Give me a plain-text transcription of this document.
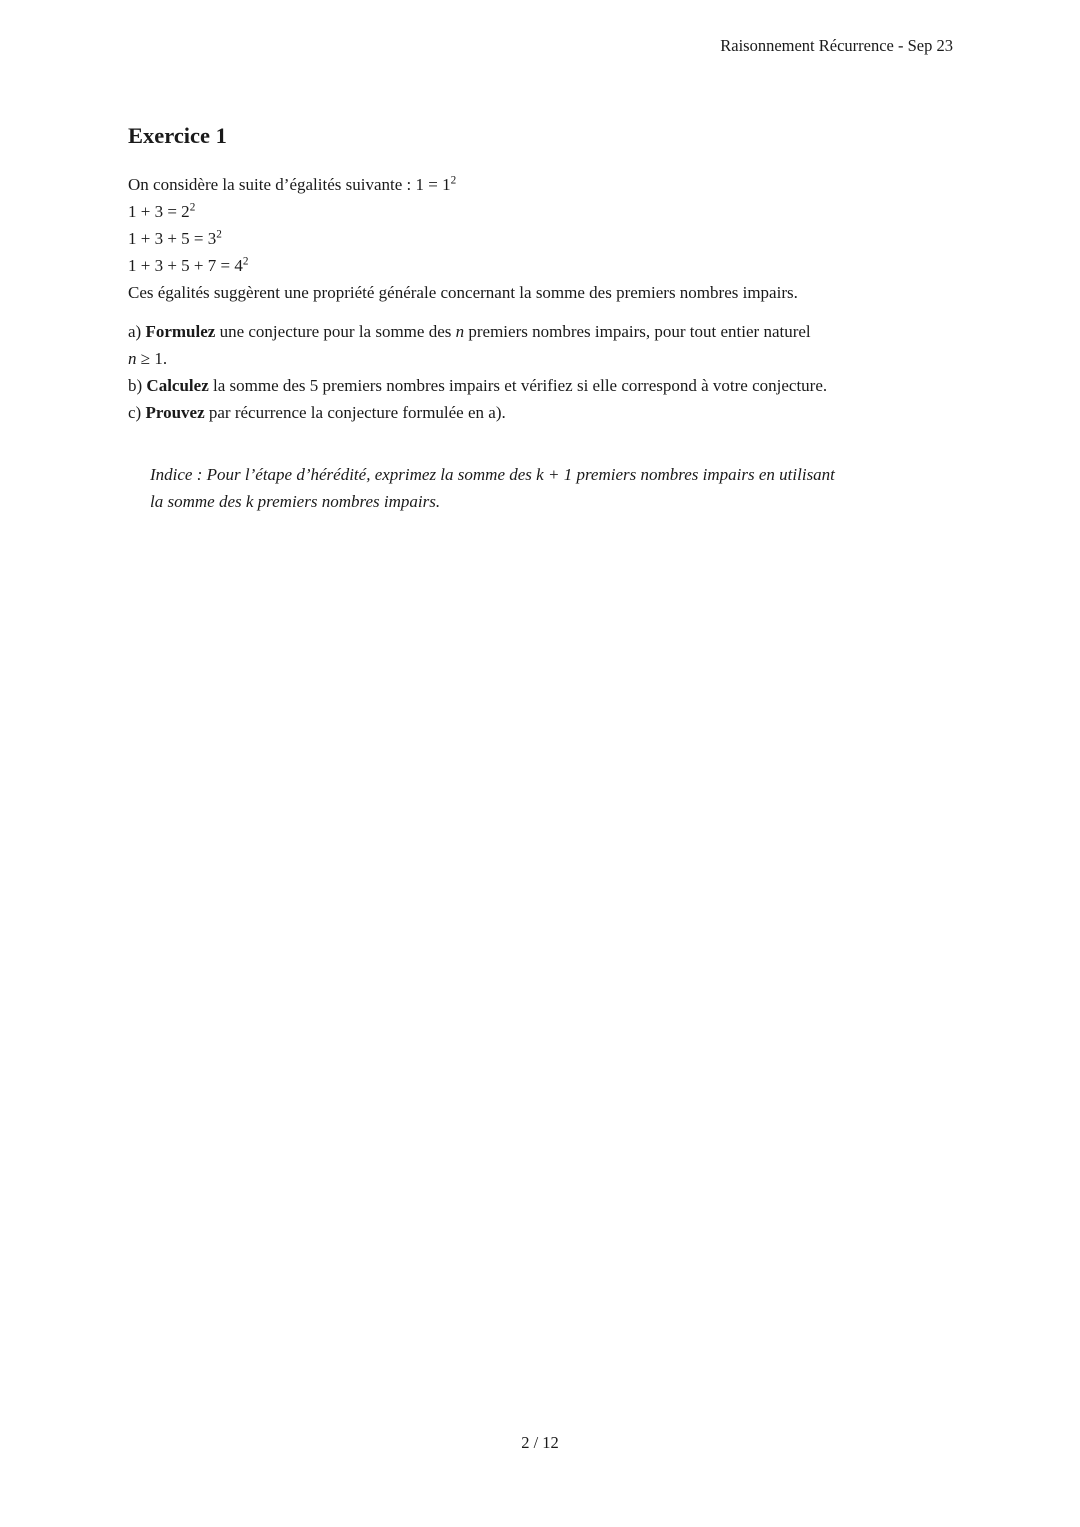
Raisonnement Récurrence - Sep 23
Exercice 1
On considère la suite d’égalités suivante : $1 = 1^2$
$1 + 3 = 2^2$
$1 + 3 + 5 = 3^2$
$1 + 3 + 5 + 7 = 4^2$
Ces égalités suggèrent une propriété générale concernant la somme des premiers nombres impairs.
a) Formulez une conjecture pour la somme des n premiers nombres impairs, pour tout entier naturel
n ≥ 1.
b) Calculez la somme des 5 premiers nombres impairs et vérifiez si elle correspond à votre conjecture.
c) Prouvez par récurrence la conjecture formulée en a).
Indice : Pour l’étape d’hérédité, exprimez la somme des k + 1 premiers nombres impairs en utilisant
la somme des k premiers nombres impairs.
2 / 12
